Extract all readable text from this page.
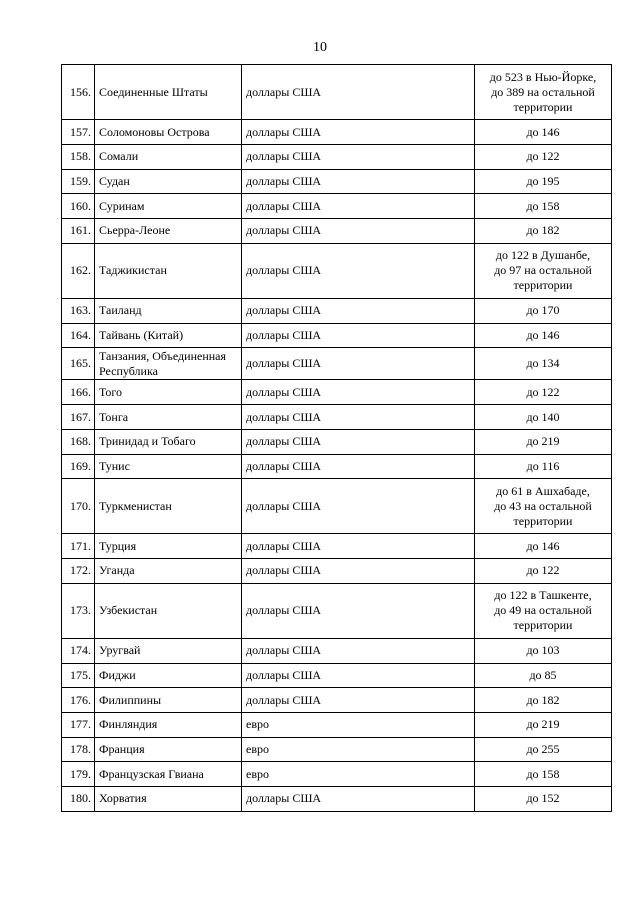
10
156.	Соединенные Штаты	доллары США	до 523 в Нью-Йорке,
до 389 на остальной
территории
157.	Соломоновы Острова	доллары США	до 146
158.	Сомали	доллары США	до 122
159.	Судан	доллары США	до 195
160.	Суринам	доллары США	до 158
161.	Сьерра-Леоне	доллары США	до 182
162.	Таджикистан	доллары США	до 122 в Душанбе,
до 97 на остальной
территории
163.	Таиланд	доллары США	до 170
164.	Тайвань (Китай)	доллары США	до 146
165.	Танзания, Объединенная
Республика	доллары США	до 134
166.	Того	доллары США	до 122
167.	Тонга	доллары США	до 140
168.	Тринидад и Тобаго	доллары США	до 219
169.	Тунис	доллары США	до 116
170.	Туркменистан	доллары США	до 61 в Ашхабаде,
до 43 на остальной
территории
171.	Турция	доллары США	до 146
172.	Уганда	доллары США	до 122
173.	Узбекистан	доллары США	до 122 в Ташкенте,
до 49 на остальной
территории
174.	Уругвай	доллары США	до 103
175.	Фиджи	доллары США	до 85
176.	Филиппины	доллары США	до 182
177.	Финляндия	евро	до 219
178.	Франция	евро	до 255
179.	Французская Гвиана	евро	до 158
180.	Хорватия	доллары США	до 152
